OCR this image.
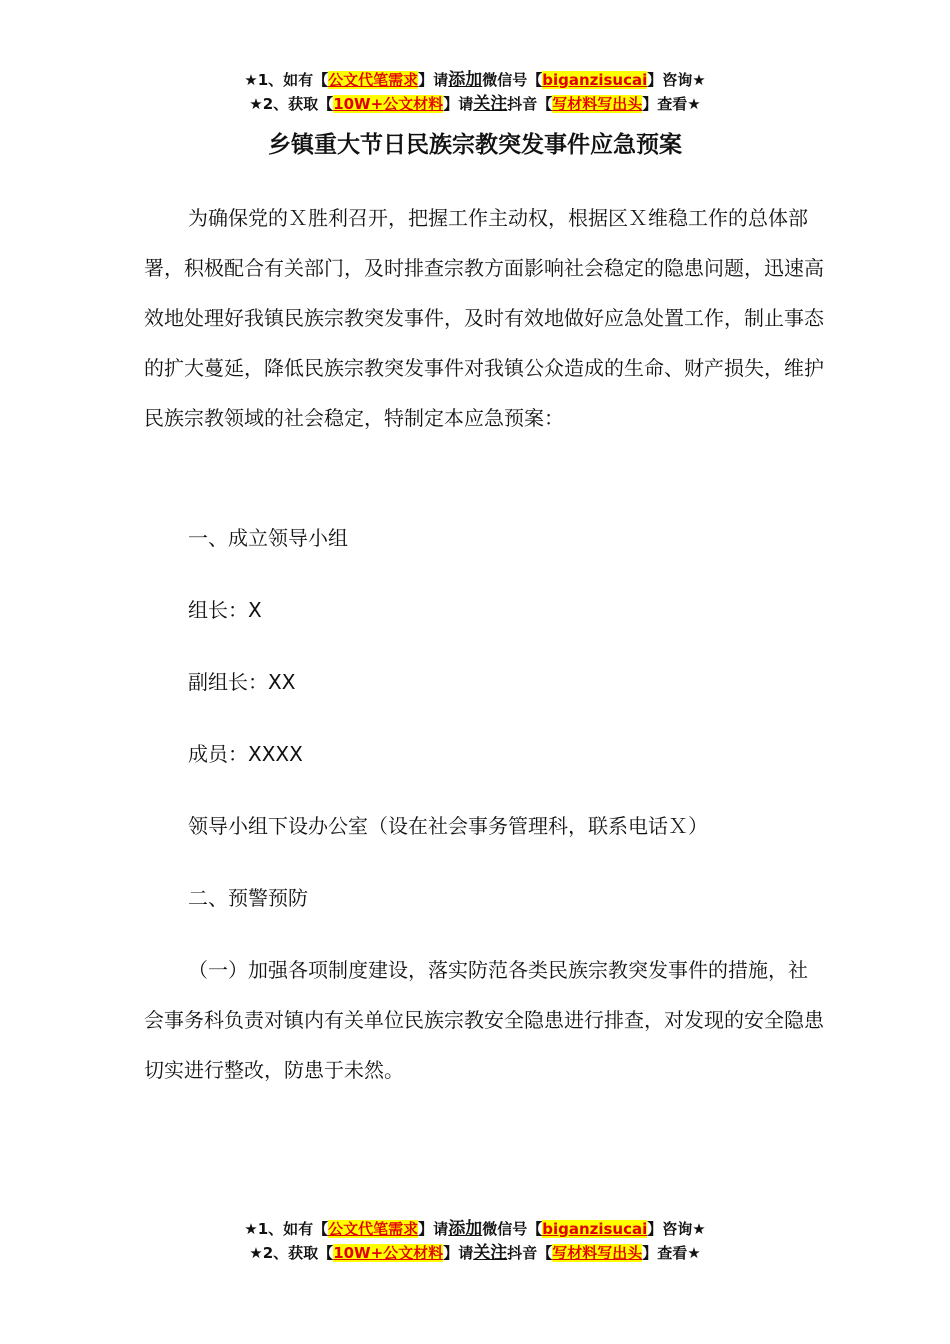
★1、如有【公文代笔需求】请添加微信号【biganzisucai】咨询★
★2、获取【10W+公文材料】请关注抖音【写材料写出头】查看★
乡镇重大节日民族宗教突发事件应急预案

为确保党的Ｘ胜利召开，把握工作主动权，根据区Ｘ维稳工作的总体部署，积极配合有关部门，及时排查宗教方面影响社会稳定的隐患问题，迅速高效地处理好我镇民族宗教突发事件，及时有效地做好应急处置工作，制止事态的扩大蔓延，降低民族宗教突发事件对我镇公众造成的生命、财产损失，维护民族宗教领域的社会稳定，特制定本应急预案：

一、成立领导小组

组长：X

副组长：XX

成员：XXXX

领导小组下设办公室（设在社会事务管理科，联系电话Ｘ）

二、预警预防

（一）加强各项制度建设，落实防范各类民族宗教突发事件的措施，社会事务科负责对镇内有关单位民族宗教安全隐患进行排查，对发现的安全隐患切实进行整改，防患于未然。

★1、如有【公文代笔需求】请添加微信号【biganzisucai】咨询★
★2、获取【10W+公文材料】请关注抖音【写材料写出头】查看★
